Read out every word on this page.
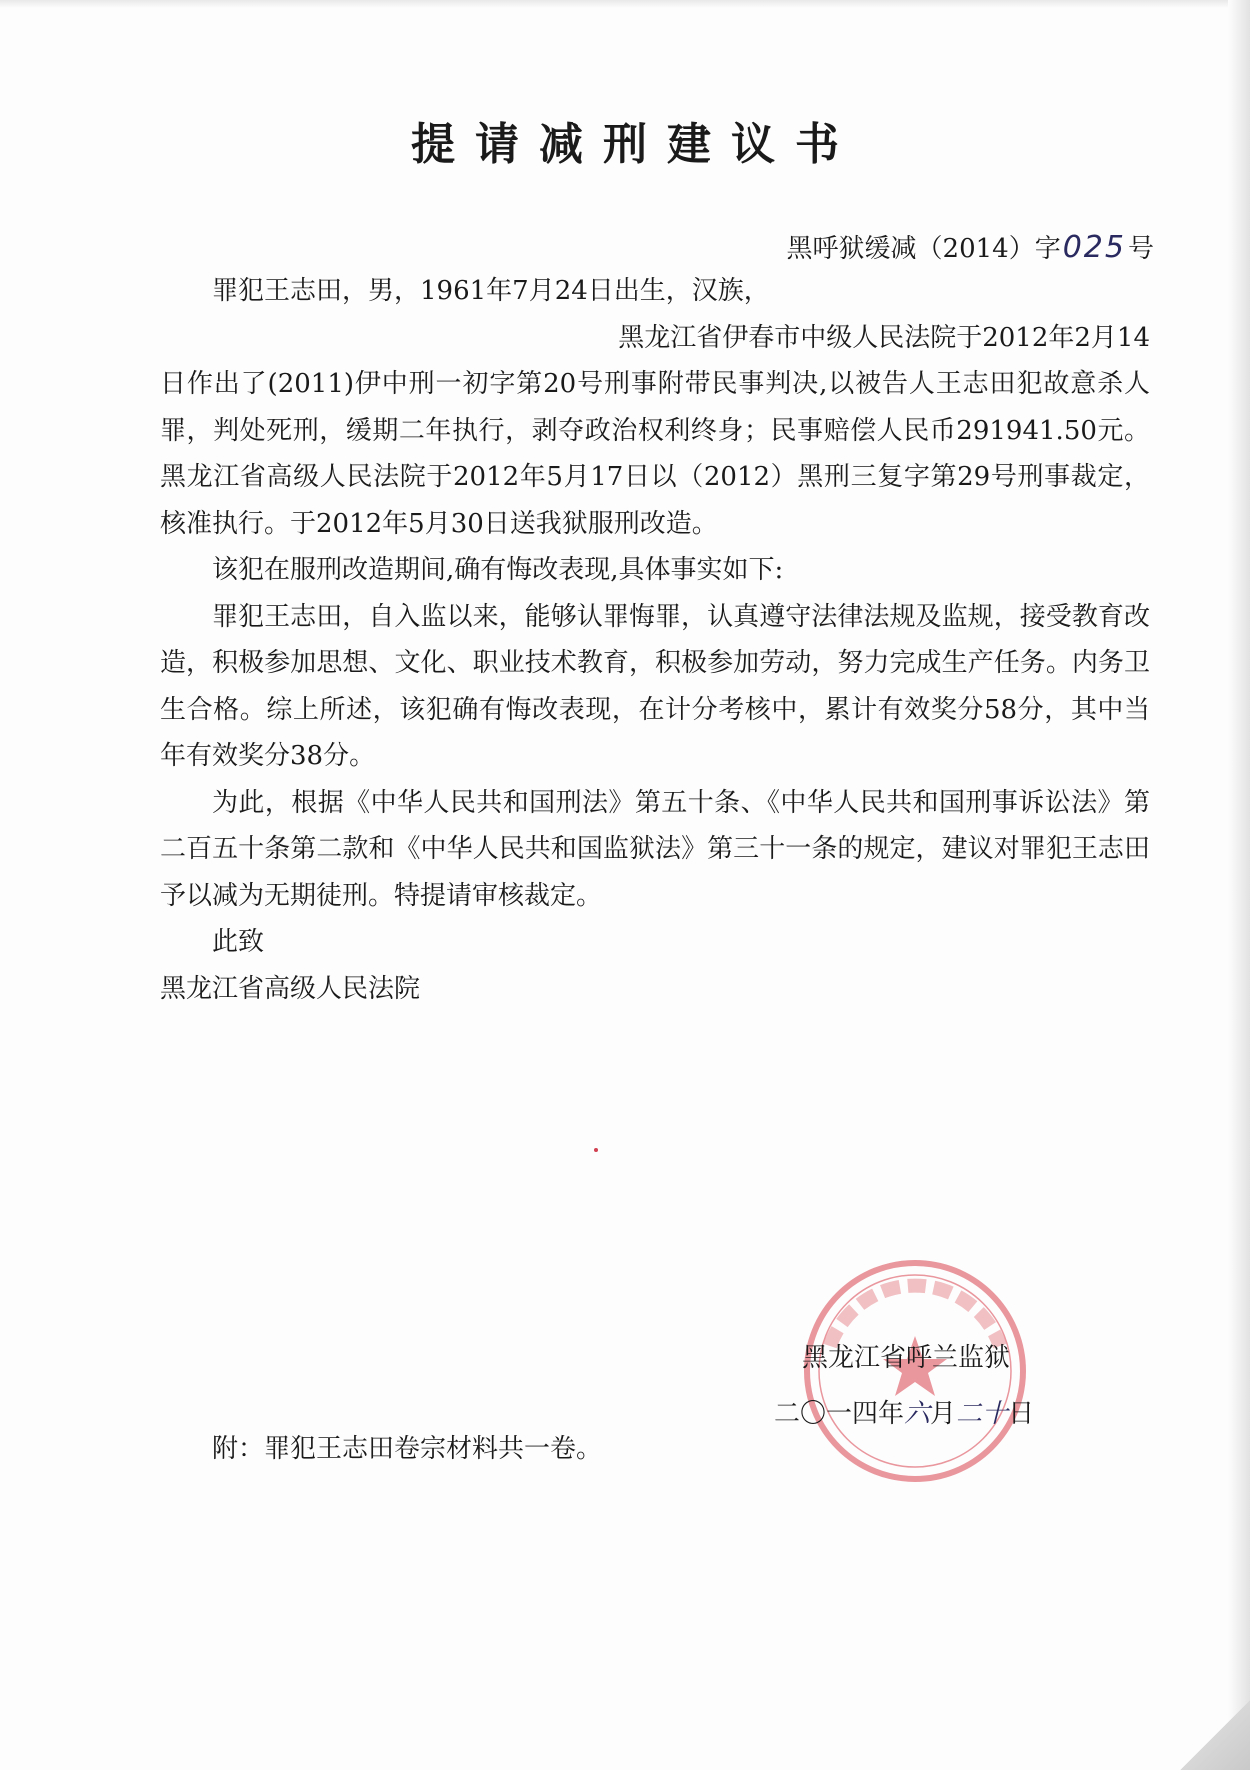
提请减刑建议书
黑呼狱缓减（2014）字025号

罪犯王志田，男，1961年7月24日出生，汉族，

黑龙江省伊春市中级人民法院于2012年2月14

日作出了(2011)伊中刑一初字第20号刑事附带民事判决,以被告人王志田犯故意杀人罪，判处死刑，缓期二年执行，剥夺政治权利终身；民事赔偿人民币291941.50元。黑龙江省高级人民法院于2012年5月17日以（2012）黑刑三复字第29号刑事裁定，核准执行。于2012年5月30日送我狱服刑改造。

该犯在服刑改造期间,确有悔改表现,具体事实如下:

罪犯王志田，自入监以来，能够认罪悔罪，认真遵守法律法规及监规，接受教育改造，积极参加思想、文化、职业技术教育，积极参加劳动，努力完成生产任务。内务卫生合格。综上所述，该犯确有悔改表现，在计分考核中，累计有效奖分58分，其中当年有效奖分38分。

为此，根据《中华人民共和国刑法》第五十条、《中华人民共和国刑事诉讼法》第二百五十条第二款和《中华人民共和国监狱法》第三十一条的规定，建议对罪犯王志田予以减为无期徒刑。特提请审核裁定。

此致

黑龙江省高级人民法院

黑龙江省呼兰监狱
二〇一四年六月二十日
附：罪犯王志田卷宗材料共一卷。
